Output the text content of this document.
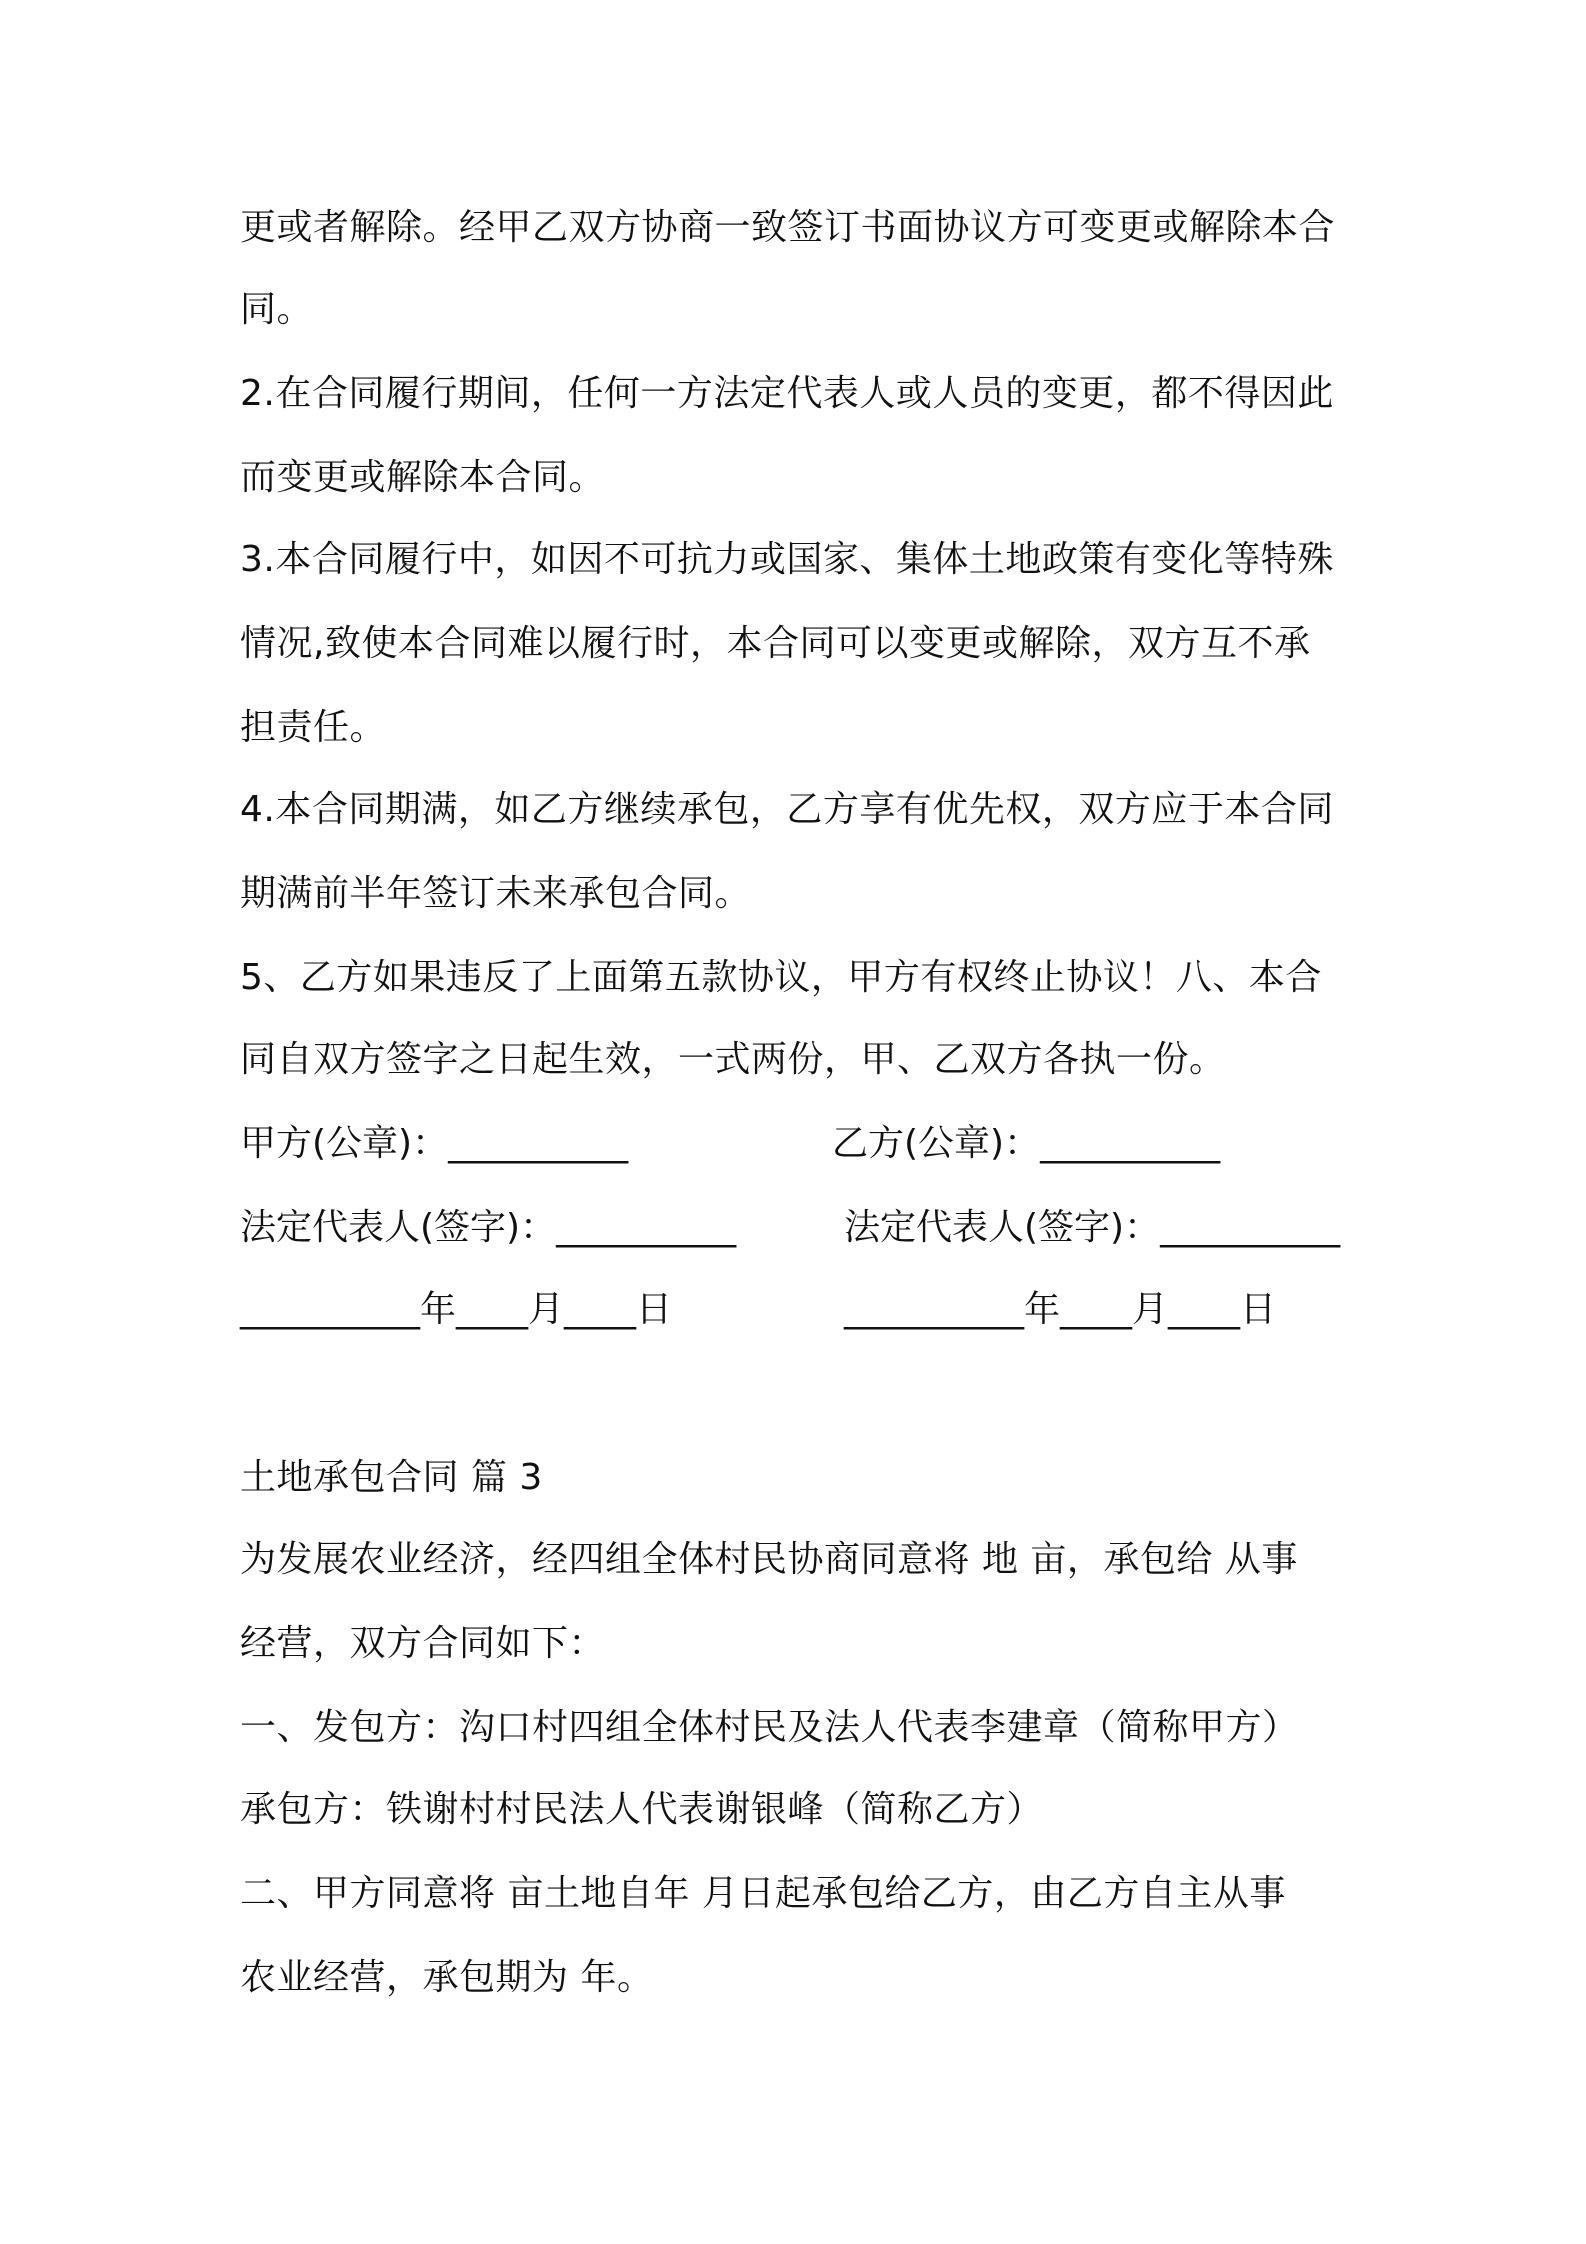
更或者解除。经甲乙双方协商一致签订书面协议方可变更或解除本合
同。
2.在合同履行期间，任何一方法定代表人或人员的变更，都不得因此
而变更或解除本合同。
3.本合同履行中，如因不可抗力或国家、集体土地政策有变化等特殊
情况,致使本合同难以履行时，本合同可以变更或解除，双方互不承
担责任。
4.本合同期满，如乙方继续承包，乙方享有优先权，双方应于本合同
期满前半年签订未来承包合同。
5、乙方如果违反了上面第五款协议，甲方有权终止协议！八、本合
同自双方签字之日起生效，一式两份，甲、乙双方各执一份。
甲方(公章)：__________	乙方(公章)：__________
法定代表人(签字)：__________	法定代表人(签字)：__________
__________年____月____日	__________年____月____日
土地承包合同 篇 3
为发展农业经济，经四组全体村民协商同意将 地 亩，承包给 从事
经营，双方合同如下：
一、发包方：沟口村四组全体村民及法人代表李建章（简称甲方）
承包方：铁谢村村民法人代表谢银峰（简称乙方）
二、甲方同意将 亩土地自年 月日起承包给乙方，由乙方自主从事
农业经营，承包期为 年。
